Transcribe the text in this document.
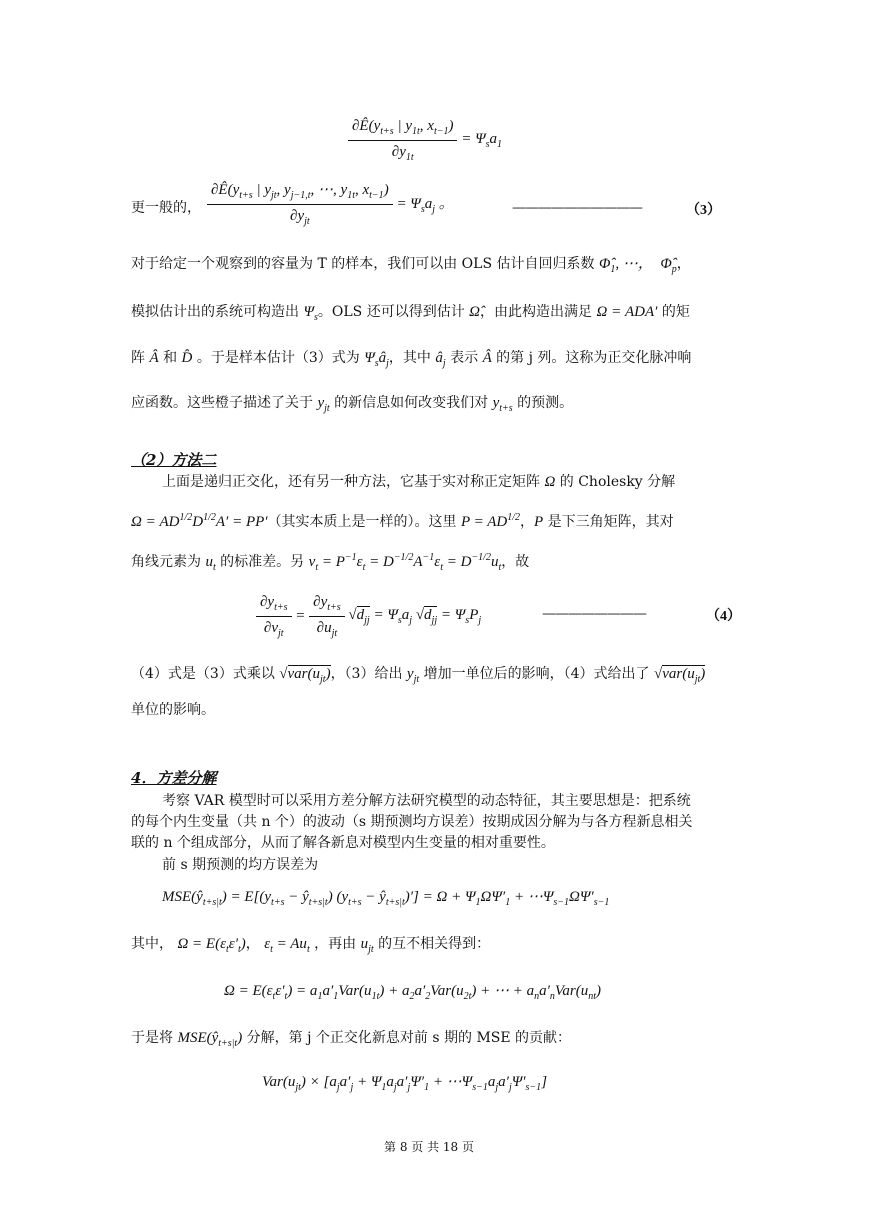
$\frac{\partial Ê(y_{t+s} | y_{1t}, x_{t-1})}{\partial y_{1t}} = \Psi_sa_1$
更一般的， $\frac{\partial Ê(y_{t+s} | y_{jt}, y_{j-1,t}, \cdots, y_{1t}, x_{t-1})}{\partial y_{jt}} = \Psi_sa_j$ 。	——————————	（3）
对于给定一个观察到的容量为 T 的样本，我们可以由 OLS 估计自回归系数 $\Phî_1$, ⋯，  $\Phî_p$，
模拟估计出的系统可构造出 $\Psi_s$。OLS 还可以得到估计 Ω̂，由此构造出满足 Ω = ADA′ 的矩
阵 Â 和 D̂ 。于是样本估计（3）式为 $\Psi_sâ_j$，其中 $â_j$ 表示 Â 的第 j 列。这称为正交化脉冲响
应函数。这些橙子描述了关于 $y_{jt}$ 的新信息如何改变我们对 $y_{t+s}$ 的预测。
（2）方法二
上面是递归正交化，还有另一种方法，它基于实对称正定矩阵 Ω 的 Cholesky 分解
$\Omega = AD^{1/2}D^{1/2}A' = PP'$（其实本质上是一样的）。这里 $P = AD^{1/2}$，P 是下三角矩阵，其对
角线元素为 $u_t$ 的标准差。另 $v_t = P^{-1}\varepsilon_t = D^{-1/2}A^{-1}\varepsilon_t = D^{-1/2}u_t$，故
$\frac{\partial y_{t+s}}{\partial v_{jt}} = \frac{\partial y_{t+s}}{\partial u_{jt}} √d_{jj} = \Psi_sa_j$ $√d_{jj} = \Psi_sP_j$	————————	（4）
（4）式是（3）式乘以 $√var(u_{jt})$，（3）给出 $y_{jt}$ 增加一单位后的影响，（4）式给出了 $√var(u_{jt})$
单位的影响。
4．方差分解
考察 VAR 模型时可以采用方差分解方法研究模型的动态特征，其主要思想是：把系统
的每个内生变量（共 n 个）的波动（s 期预测均方误差）按期成因分解为与各方程新息相关
联的 n 个组成部分，从而了解各新息对模型内生变量的相对重要性。
前 s 期预测的均方误差为
$MSE(ŷ_{t+s|t}) = E[(y_{t+s}$ − $ŷ_{t+s|t}$) ($y_{t+s}$ − $ŷ_{t+s|t})'] = \Omega + \Psi_1\Omega\Psi'_1$ + $\cdots\Psi_{s-1}\Omega\Psi'_{s-1}$
其中， $\Omega = E(\varepsilon_t\varepsilon'_t)$， $\varepsilon_t = Au_t$ ，再由 $u_{jt}$ 的互不相关得到：
$\Omega = E(\varepsilon_t\varepsilon'_t) = a_1a'_1Var(u_{1t}) + a_2a'_2Var(u_{2t})$ + ⋯ + $a_na'_nVar(u_{nt})$
于是将 $MSE(ŷ_{t+s|t})$ 分解，第 j 个正交化新息对前 s 期的 MSE 的贡献：
$Var(u_{jt}) \times [a_ja'_j + \Psi_1a_ja'_j\Psi'_1$ + $\cdots\Psi_{s-1}a_ja'_j\Psi'_{s-1}$]
第 8 页 共 18 页
